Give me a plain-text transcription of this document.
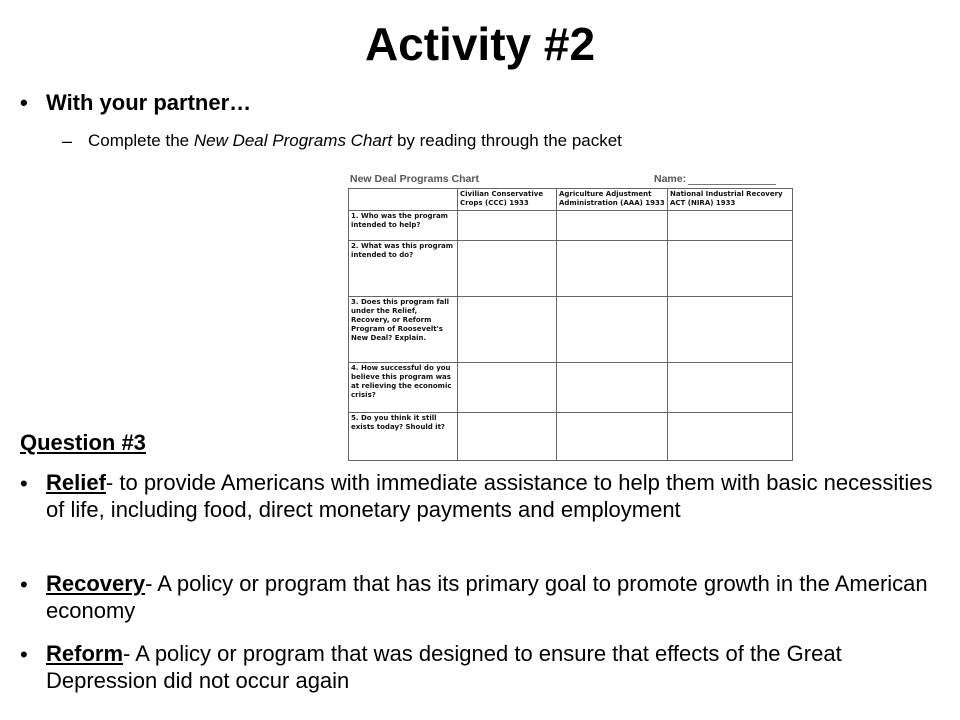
Activity #2
• With your partner…
– Complete the New Deal Programs Chart by reading through the packet
New Deal Programs Chart	Name:
	Civilian Conservative Crops (CCC) 1933	Agriculture Adjustment Administration (AAA) 1933	National Industrial Recovery ACT (NIRA) 1933
1. Who was the program intended to help?			
2. What was this program intended to do?			
3. Does this program fall under the Relief, Recovery, or Reform Program of Roosevelt's New Deal? Explain.			
4. How successful do you believe this program was at relieving the economic crisis?			
5. Do you think it still exists today? Should it?			
Question #3
• Relief- to provide Americans with immediate assistance to help them with basic necessities of life, including food, direct monetary payments and employment
• Recovery- A policy or program that has its primary goal to promote growth in the American economy
• Reform- A policy or program that was designed to ensure that effects of the Great Depression did not occur again
